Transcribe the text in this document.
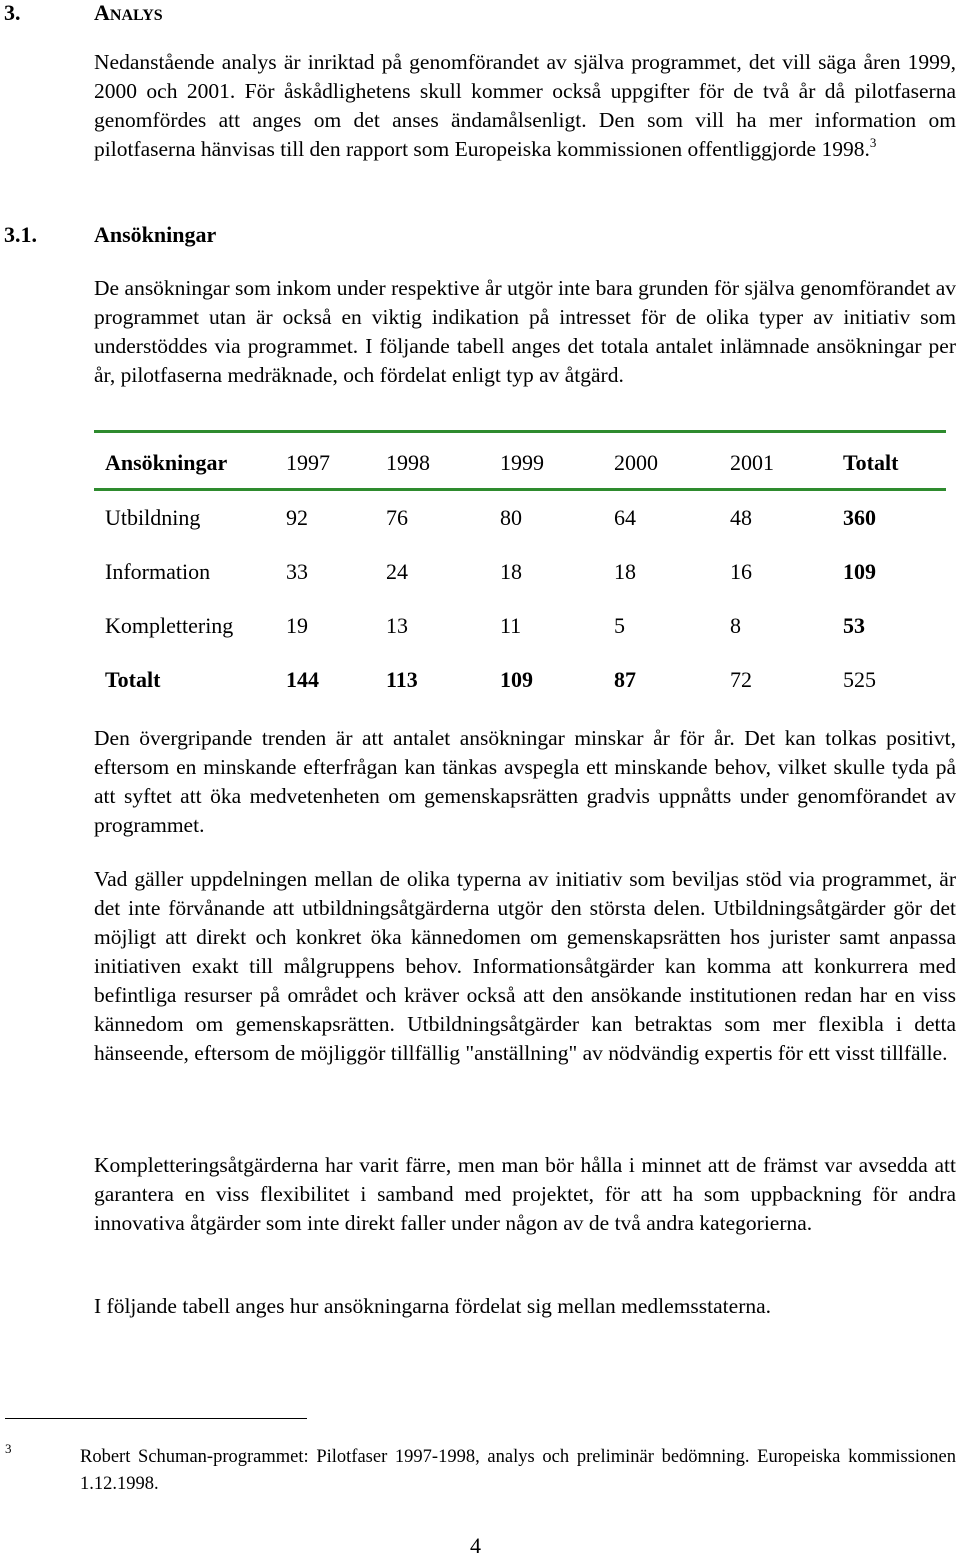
3.	ANALYS
Nedanstående analys är inriktad på genomförandet av själva programmet, det vill säga åren 1999, 2000 och 2001. För åskådlighetens skull kommer också uppgifter för de två år då pilotfaserna genomfördes att anges om det anses ändamålsenligt. Den som vill ha mer information om pilotfaserna hänvisas till den rapport som Europeiska kommissionen offentliggjorde 1998.$^3$
3.1.	Ansökningar
De ansökningar som inkom under respektive år utgör inte bara grunden för själva genomförandet av programmet utan är också en viktig indikation på intresset för de olika typer av initiativ som understöddes via programmet. I följande tabell anges det totala antalet inlämnade ansökningar per år, pilotfaserna medräknade, och fördelat enligt typ av åtgärd.
Ansökningar	1997	1998	1999	2000	2001	Totalt
Utbildning	92	76	80	64	48	360
Information	33	24	18	18	16	109
Komplettering 19	13	11	5	8	53
Totalt	144	113	109	87	72	525
Den övergripande trenden är att antalet ansökningar minskar år för år. Det kan tolkas positivt, eftersom en minskande efterfrågan kan tänkas avspegla ett minskande behov, vilket skulle tyda på att syftet att öka medvetenheten om gemenskapsrätten gradvis uppnåtts under genomförandet av programmet.
Vad gäller uppdelningen mellan de olika typerna av initiativ som beviljas stöd via programmet, är det inte förvånande att utbildningsåtgärderna utgör den största delen. Utbildningsåtgärder gör det möjligt att direkt och konkret öka kännedomen om gemenskapsrätten hos jurister samt anpassa initiativen exakt till målgruppens behov. Informationsåtgärder kan komma att konkurrera med befintliga resurser på området och kräver också att den ansökande institutionen redan har en viss kännedom om gemenskapsrätten. Utbildningsåtgärder kan betraktas som mer flexibla i detta hänseende, eftersom de möjliggör tillfällig "anställning" av nödvändig expertis för ett visst tillfälle.
Kompletteringsåtgärderna har varit färre, men man bör hålla i minnet att de främst var avsedda att garantera en viss flexibilitet i samband med projektet, för att ha som uppbackning för andra innovativa åtgärder som inte direkt faller under någon av de två andra kategorierna.
I följande tabell anges hur ansökningarna fördelat sig mellan medlemsstaterna.
3	Robert Schuman-programmet: Pilotfaser 1997-1998, analys och preliminär bedömning. Europeiska kommissionen 1.12.1998.
4
